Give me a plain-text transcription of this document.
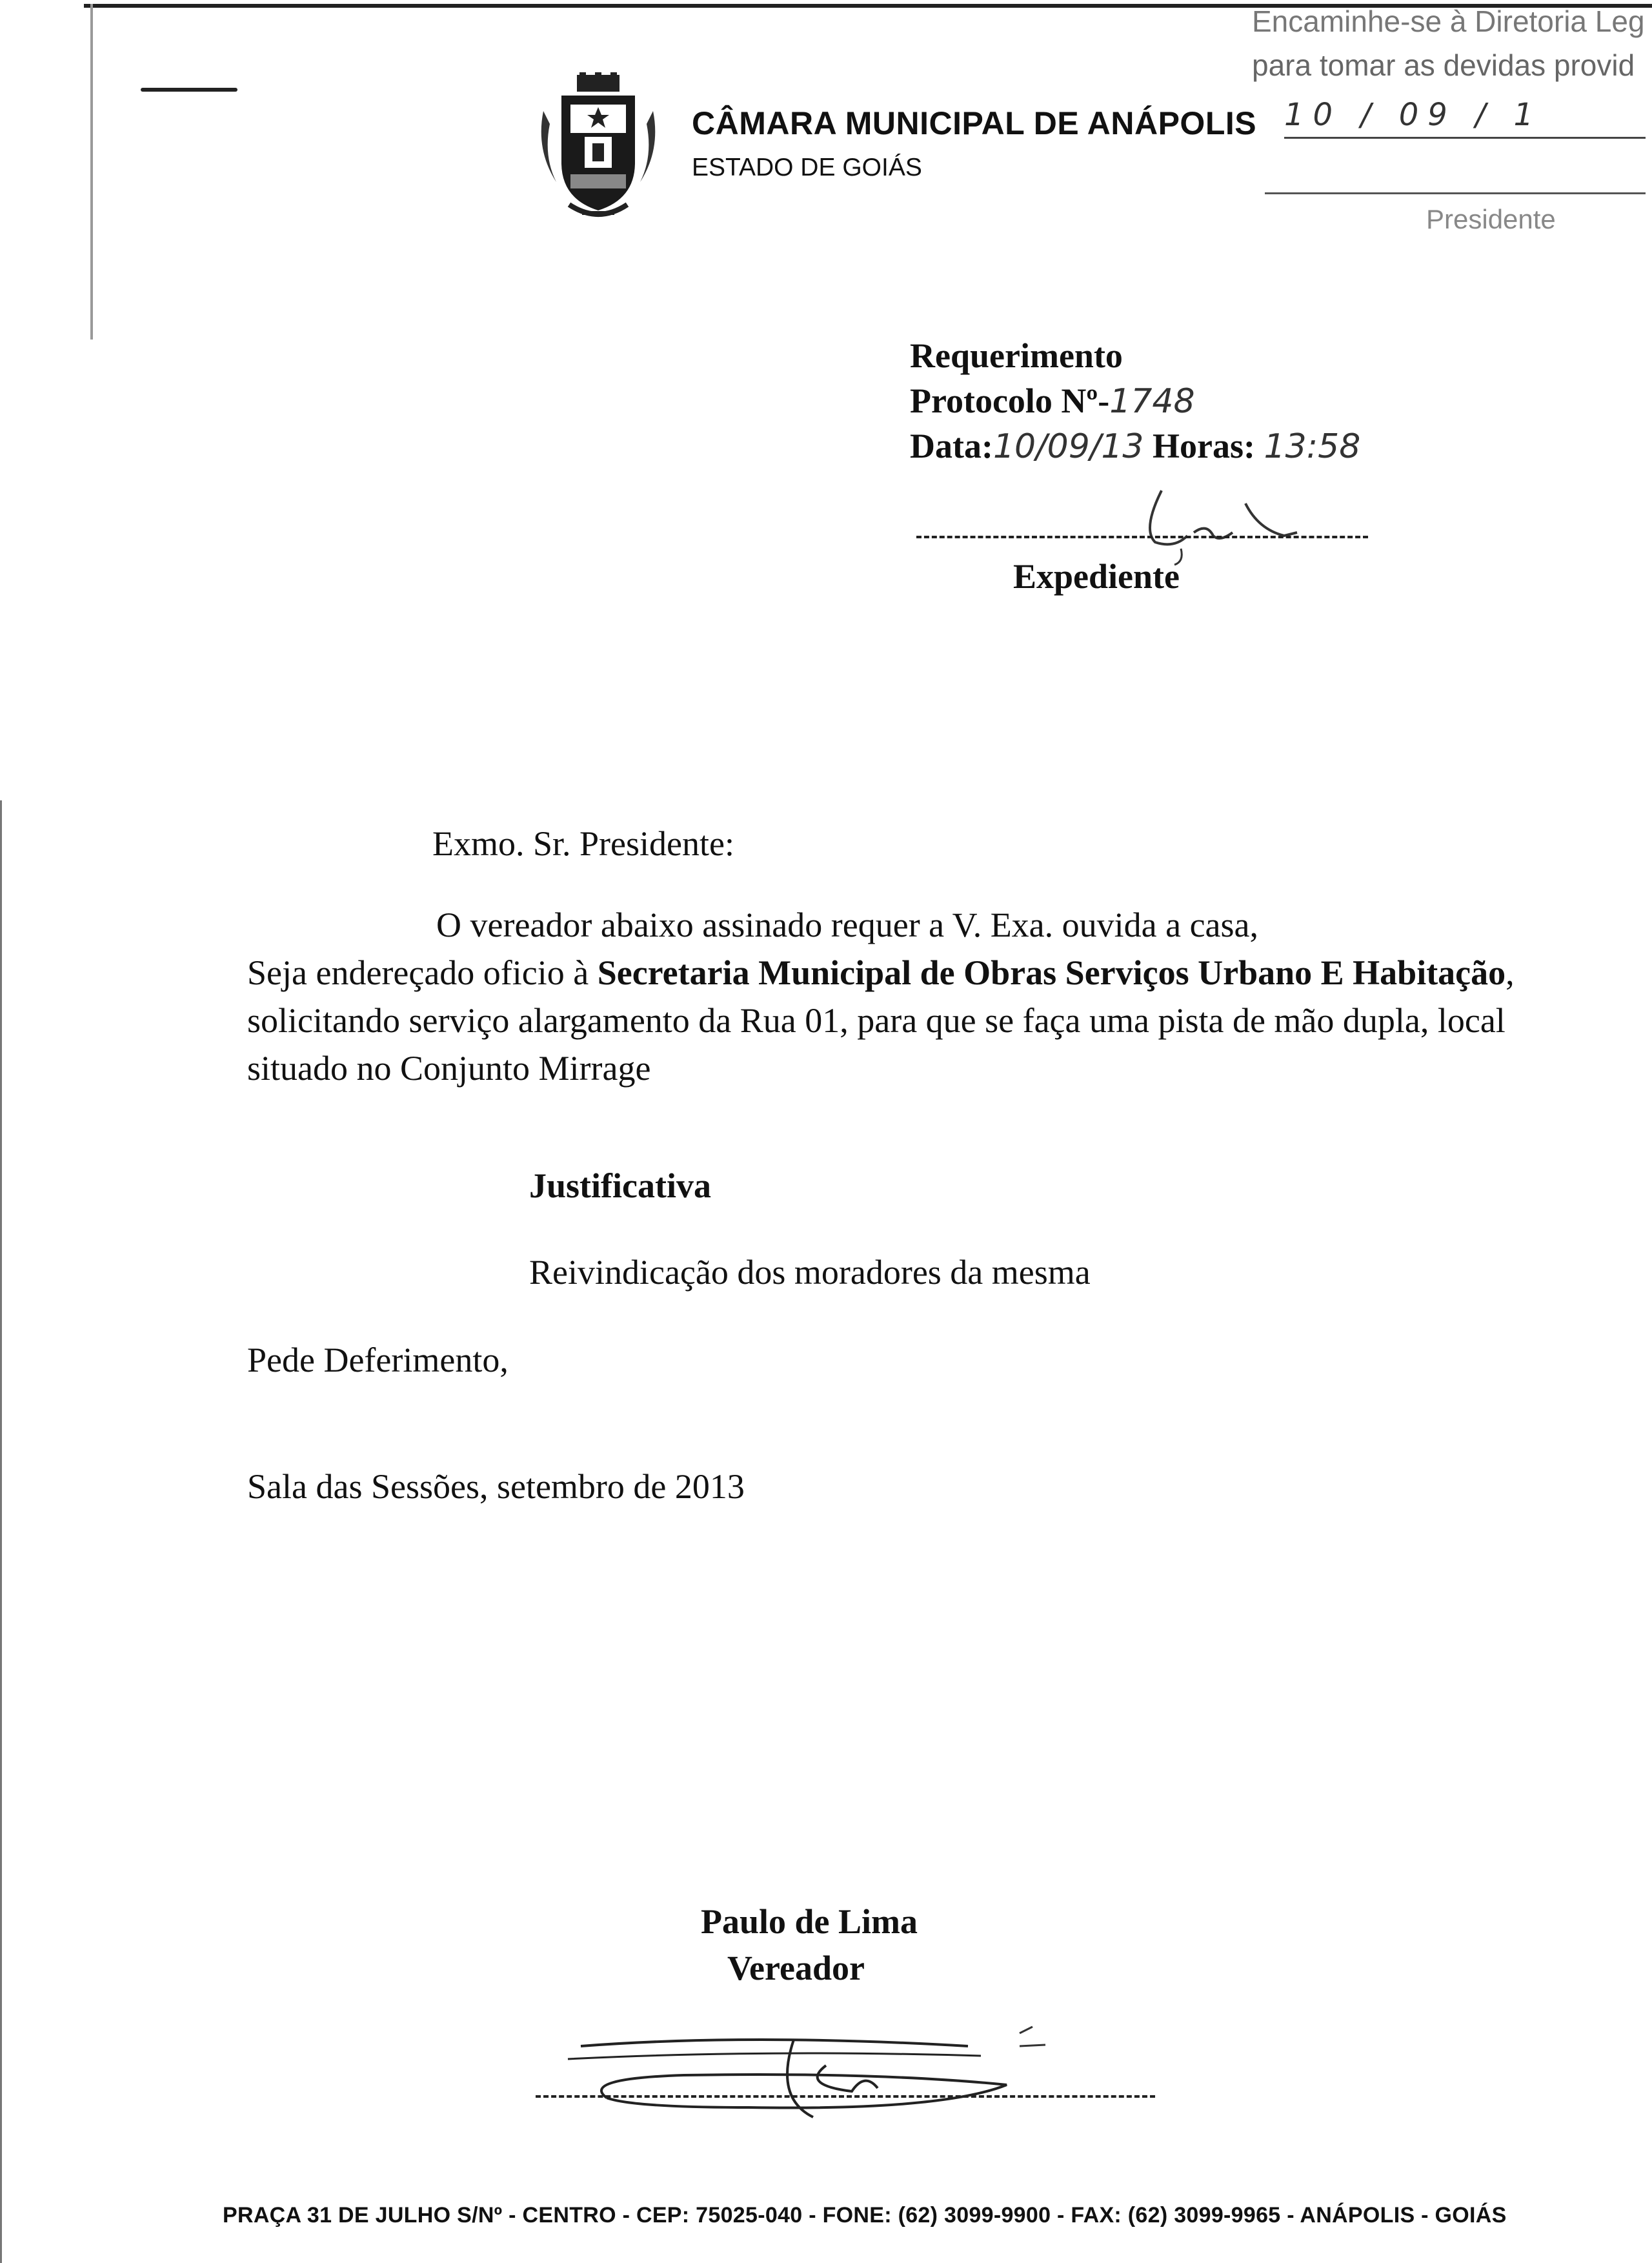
CÂMARA MUNICIPAL DE ANÁPOLIS
ESTADO DE GOIÁS
Encaminhe-se à Diretoria Leg
para tomar as devidas provid
10 / 09 / 1
Presidente
Requerimento
Protocolo Nº-1748
Data:10/09/13 Horas: 13:58
Expediente
Exmo. Sr. Presidente:
O vereador abaixo assinado requer a V. Exa. ouvida a casa,
Seja endereçado oficio à Secretaria Municipal de Obras Serviços Urbano E Habitação, solicitando serviço alargamento da Rua 01, para que se faça uma pista de mão dupla, local situado no Conjunto Mirrage
Justificativa
Reivindicação dos moradores da mesma
Pede Deferimento,
Sala das Sessões, setembro de 2013
Paulo de Lima
Vereador
PRAÇA 31 DE JULHO S/Nº - CENTRO - CEP: 75025-040 - FONE: (62) 3099-9900 - FAX: (62) 3099-9965 - ANÁPOLIS - GOIÁS
